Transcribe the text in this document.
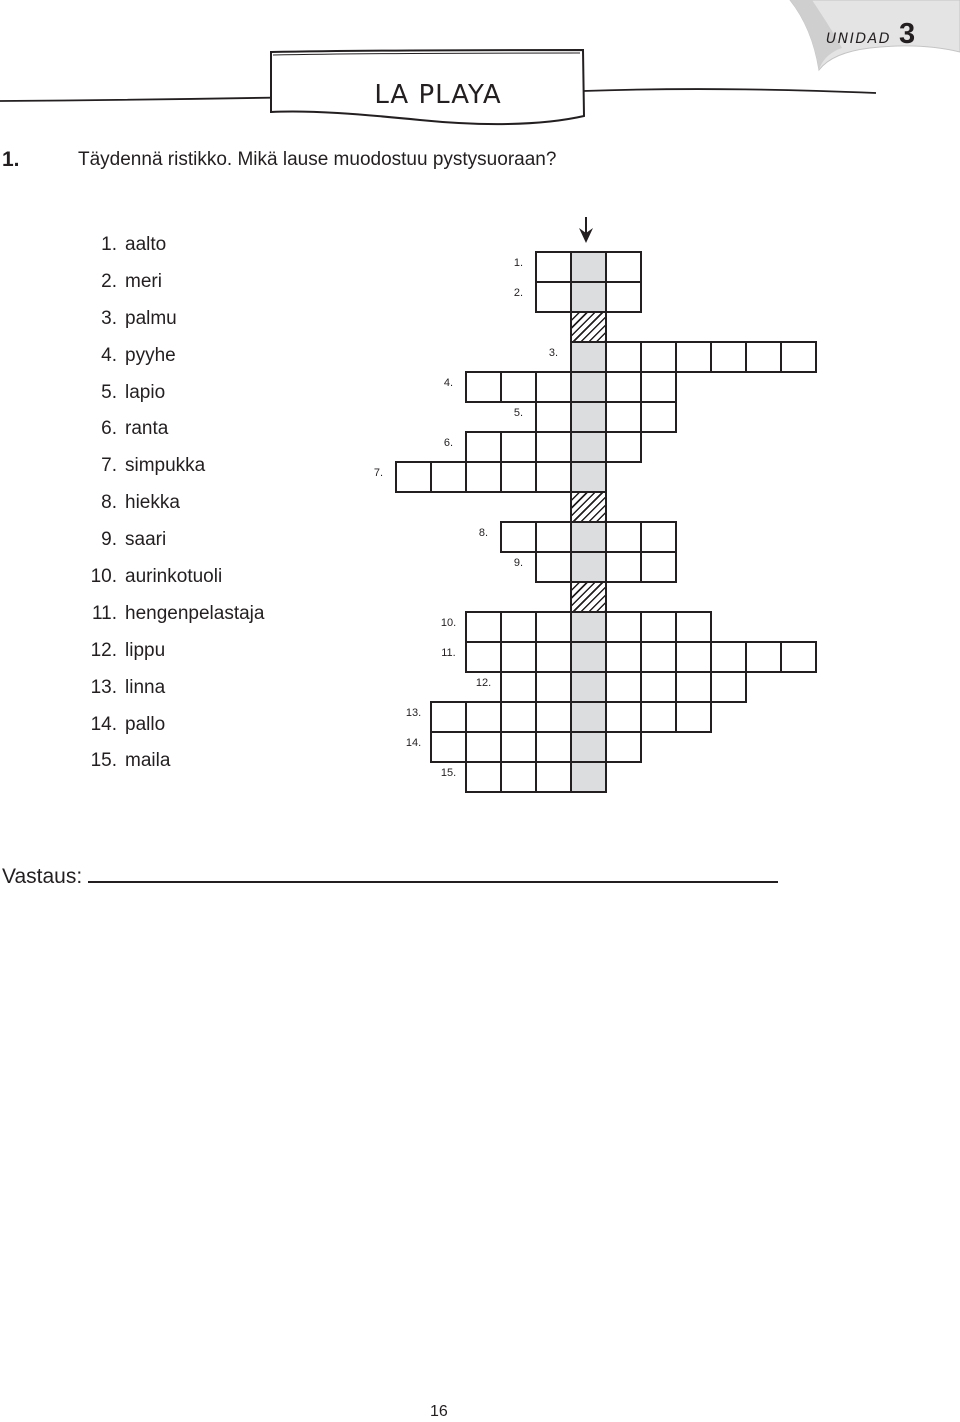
UNIDAD 3
LA PLAYA
1.	Täydennä ristikko. Mikä lause muodostuu pystysuoraan?
1. aalto
2. meri
3. palmu
4. pyyhe
5. lapio
6. ranta
7. simpukka
8. hiekka
9. saari
10. aurinkotuoli
11. hengenpelastaja
12. lippu
13. linna
14. pallo
15. maila
1.
2.
3.
4.
5.
6.
7.
8.
9.
10.
11.
12.
13.
14.
15.
Vastaus:
16
